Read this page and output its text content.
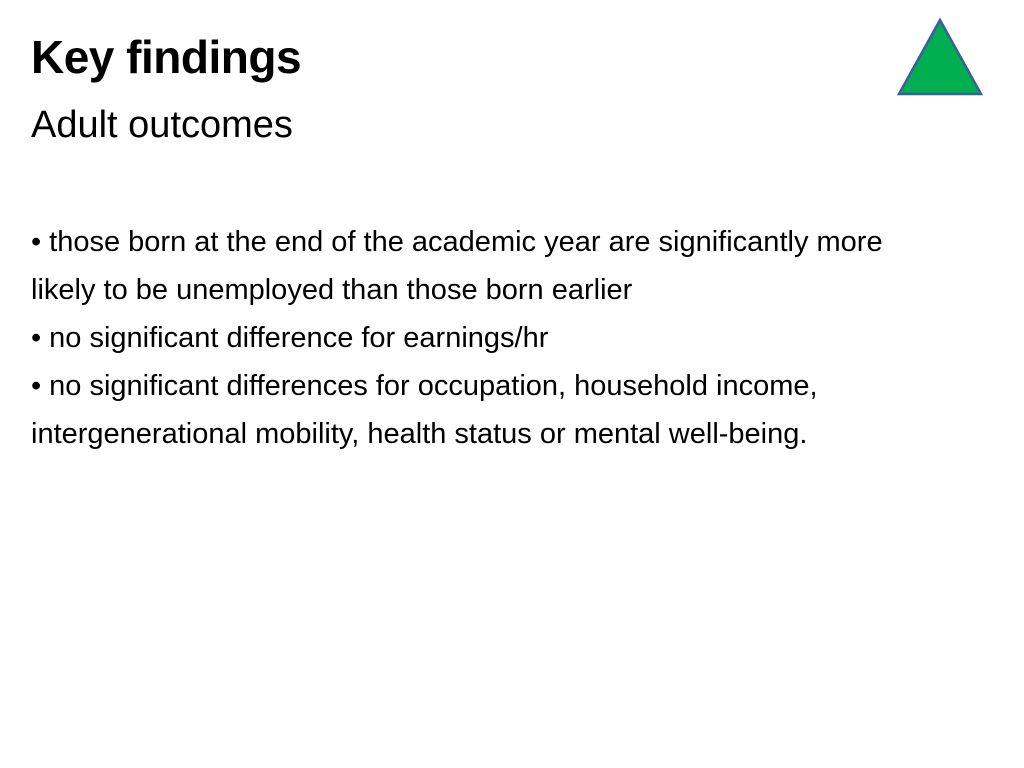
Key findings
Adult outcomes
• those born at the end of the academic year are significantly more likely to be unemployed than those born earlier
• no significant difference for earnings/hr
• no significant differences for occupation, household income, intergenerational mobility, health status or mental well-being.
